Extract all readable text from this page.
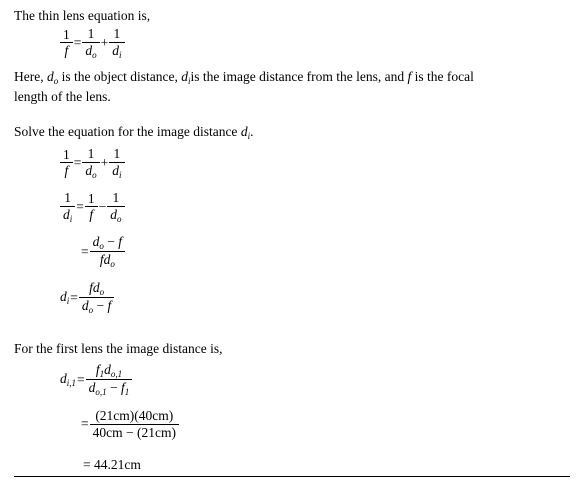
The thin lens equation is,
$\frac{1}{f} = \frac{1}{d_o} + \frac{1}{d_i}$
Here, $d_o$ is the object distance, $d_iis$ the image distance from the lens, and f is the focal
length of the lens.
Solve the equation for the image distance $d_i$.
$\frac{1}{f} = \frac{1}{d_o} + \frac{1}{d_i}$
$\frac{1}{d_i} = \frac{1}{f} - \frac{1}{d_o}$
= $\frac{d_o - f}{fd_o}$
$d_i = \frac{fd_o}{d_o - f}$
For the first lens the image distance is,
$d_{i,1} = \frac{f_1d_{o,1}}{d_{o,1} - f_1}$
= $\frac{(21cm)(40cm)}{40cm - (21cm)}$
= 44.21cm
